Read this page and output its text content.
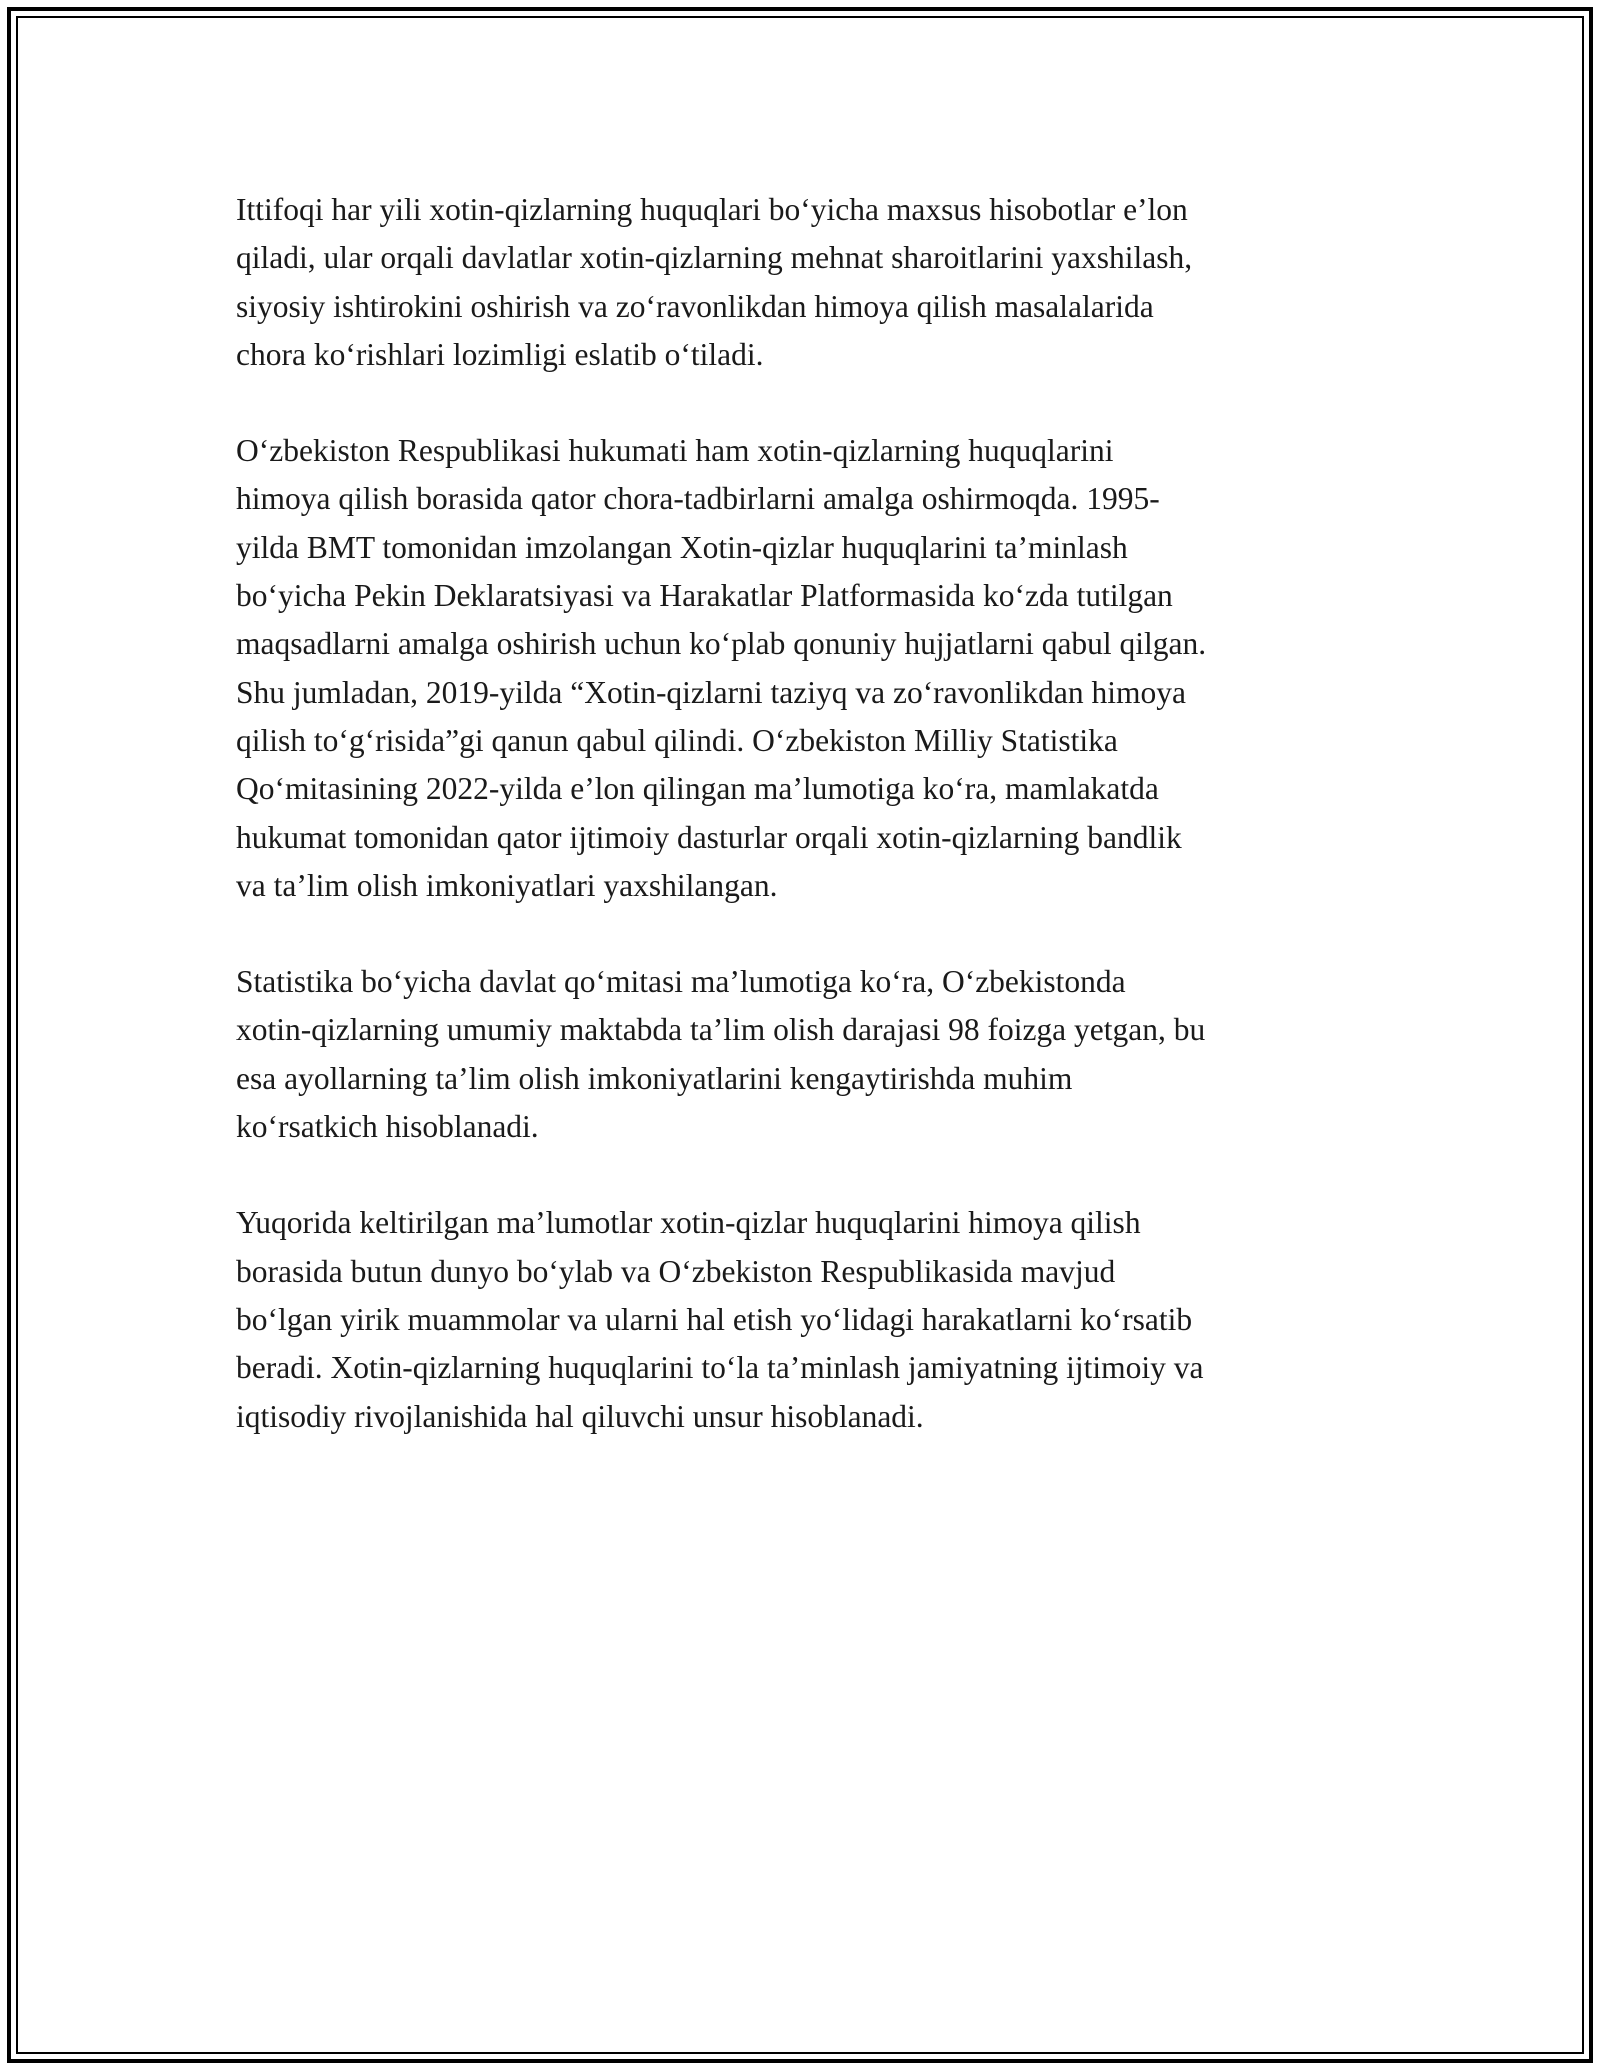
Ittifoqi har yili xotin-qizlarning huquqlari bo‘yicha maxsus hisobotlar e’lon
qiladi, ular orqali davlatlar xotin-qizlarning mehnat sharoitlarini yaxshilash,
siyosiy ishtirokini oshirish va zo‘ravonlikdan himoya qilish masalalarida
chora ko‘rishlari lozimligi eslatib o‘tiladi.

O‘zbekiston Respublikasi hukumati ham xotin-qizlarning huquqlarini
himoya qilish borasida qator chora-tadbirlarni amalga oshirmoqda. 1995-
yilda BMT tomonidan imzolangan Xotin-qizlar huquqlarini ta’minlash
bo‘yicha Pekin Deklaratsiyasi va Harakatlar Platformasida ko‘zda tutilgan
maqsadlarni amalga oshirish uchun ko‘plab qonuniy hujjatlarni qabul qilgan.
Shu jumladan, 2019-yilda “Xotin-qizlarni taziyq va zo‘ravonlikdan himoya
qilish to‘g‘risida”gi qanun qabul qilindi. O‘zbekiston Milliy Statistika
Qo‘mitasining 2022-yilda e’lon qilingan ma’lumotiga ko‘ra, mamlakatda
hukumat tomonidan qator ijtimoiy dasturlar orqali xotin-qizlarning bandlik
va ta’lim olish imkoniyatlari yaxshilangan.

Statistika bo‘yicha davlat qo‘mitasi ma’lumotiga ko‘ra, O‘zbekistonda
xotin-qizlarning umumiy maktabda ta’lim olish darajasi 98 foizga yetgan, bu
esa ayollarning ta’lim olish imkoniyatlarini kengaytirishda muhim
ko‘rsatkich hisoblanadi.

Yuqorida keltirilgan ma’lumotlar xotin-qizlar huquqlarini himoya qilish
borasida butun dunyo bo‘ylab va O‘zbekiston Respublikasida mavjud
bo‘lgan yirik muammolar va ularni hal etish yo‘lidagi harakatlarni ko‘rsatib
beradi. Xotin-qizlarning huquqlarini to‘la ta’minlash jamiyatning ijtimoiy va
iqtisodiy rivojlanishida hal qiluvchi unsur hisoblanadi.
